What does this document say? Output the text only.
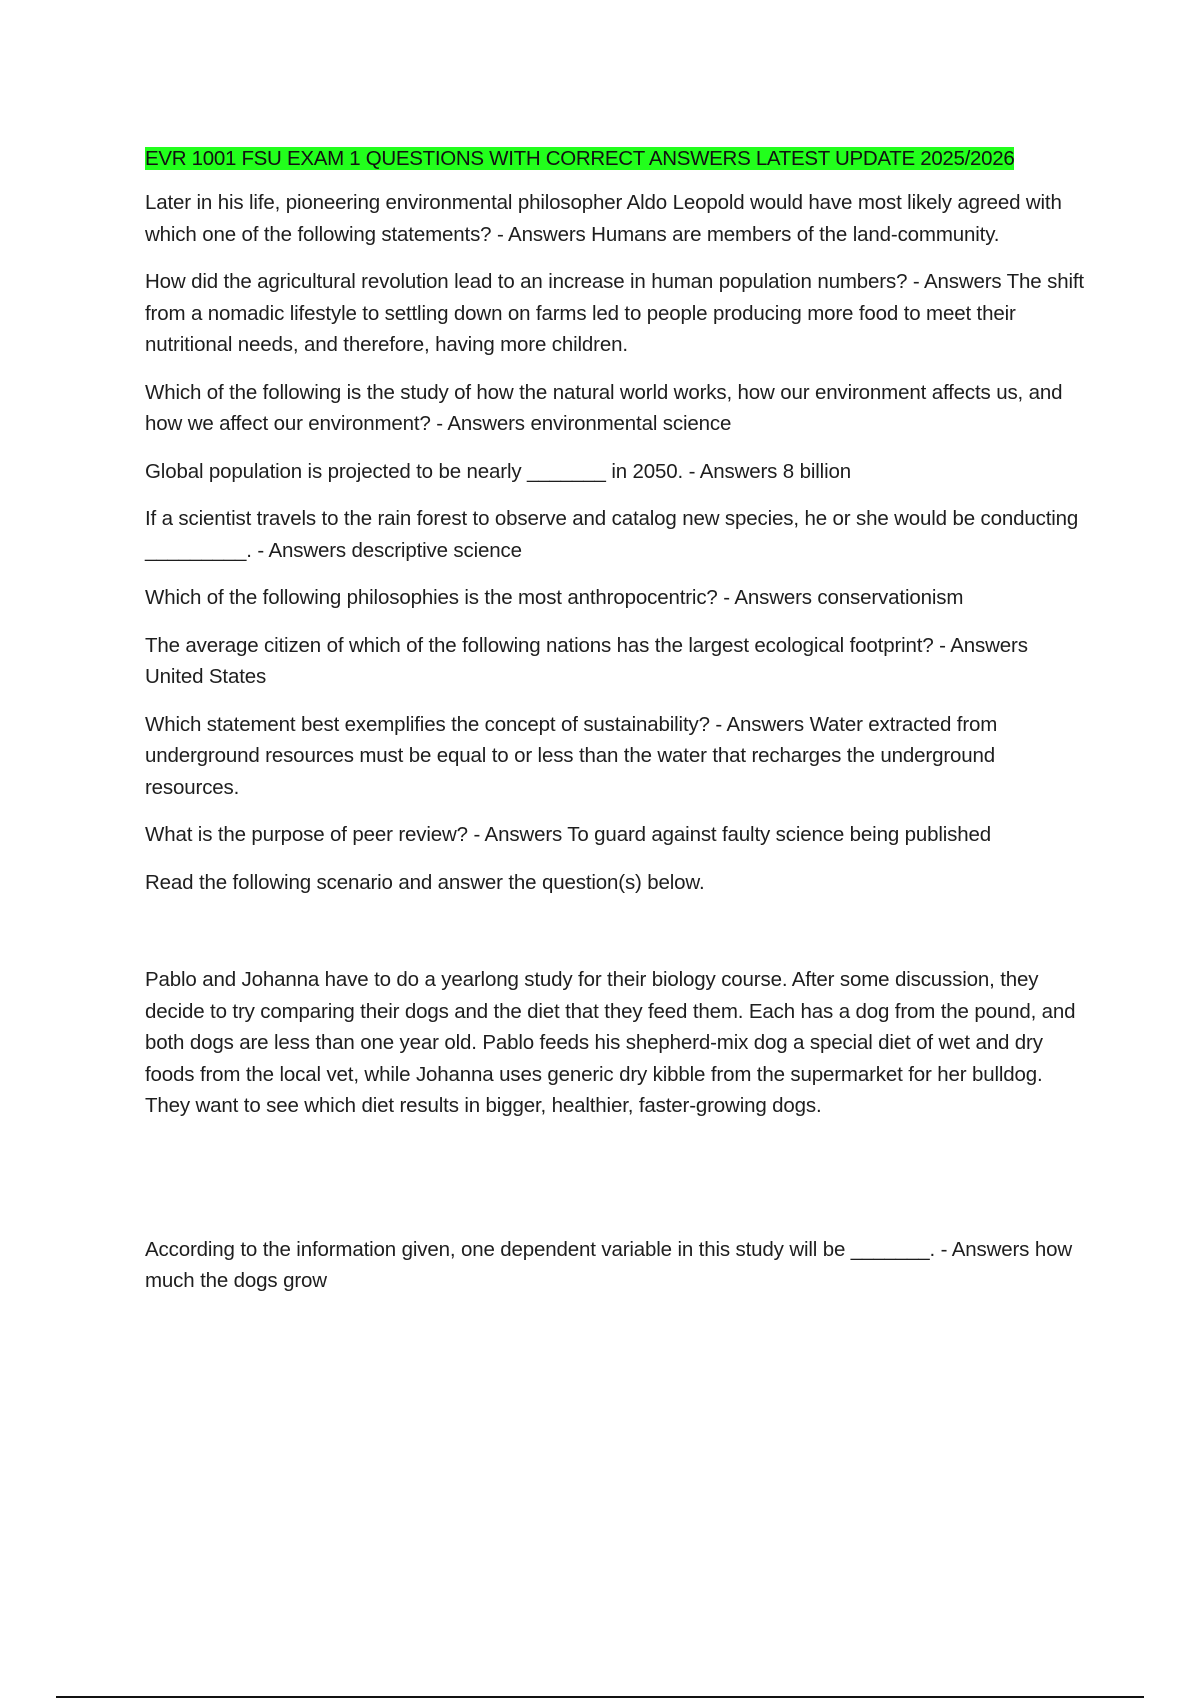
EVR 1001 FSU EXAM 1 QUESTIONS WITH CORRECT ANSWERS LATEST UPDATE 2025/2026

Later in his life, pioneering environmental philosopher Aldo Leopold would have most likely agreed with which one of the following statements? - Answers Humans are members of the land-community.

How did the agricultural revolution lead to an increase in human population numbers? - Answers The shift from a nomadic lifestyle to settling down on farms led to people producing more food to meet their nutritional needs, and therefore, having more children.

Which of the following is the study of how the natural world works, how our environment affects us, and how we affect our environment? - Answers environmental science

Global population is projected to be nearly _______ in 2050. - Answers 8 billion

If a scientist travels to the rain forest to observe and catalog new species, he or she would be conducting _________. - Answers descriptive science

Which of the following philosophies is the most anthropocentric? - Answers conservationism

The average citizen of which of the following nations has the largest ecological footprint? - Answers United States

Which statement best exemplifies the concept of sustainability? - Answers Water extracted from underground resources must be equal to or less than the water that recharges the underground resources.

What is the purpose of peer review? - Answers To guard against faulty science being published

Read the following scenario and answer the question(s) below.

Pablo and Johanna have to do a yearlong study for their biology course. After some discussion, they decide to try comparing their dogs and the diet that they feed them. Each has a dog from the pound, and both dogs are less than one year old. Pablo feeds his shepherd-mix dog a special diet of wet and dry foods from the local vet, while Johanna uses generic dry kibble from the supermarket for her bulldog. They want to see which diet results in bigger, healthier, faster-growing dogs.

According to the information given, one dependent variable in this study will be _______. - Answers how much the dogs grow
